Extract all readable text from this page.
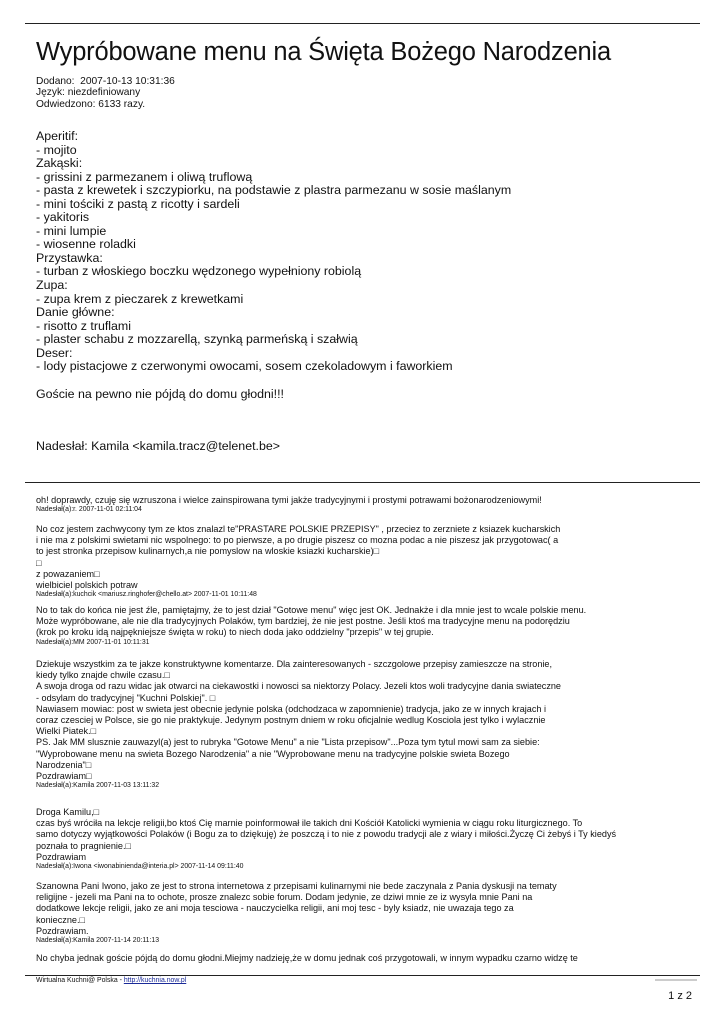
Wypróbowane menu na Święta Bożego Narodzenia
Dodano:  2007-10-13 10:31:36
Język: niezdefiniowany
Odwiedzono: 6133 razy.
Aperitif:
- mojito
Zakąski:
- grissini z parmezanem i oliwą truflową
- pasta z krewetek i szczypiorku, na podstawie z plastra parmezanu w sosie maślanym
- mini tościki z pastą z ricotty i sardeli
- yakitoris
- mini lumpie
- wiosenne roladki
Przystawka:
- turban z włoskiego boczku wędzonego wypełniony robiolą
Zupa:
- zupa krem z pieczarek z krewetkami
Danie główne:
- risotto z truflami
- plaster schabu z mozzarellą, szynką parmeńską i szałwią
Deser:
- lody pistacjowe z czerwonymi owocami, sosem czekoladowym i faworkiem
Goście na pewno nie pójdą do domu głodni!!!
Nadesłał: Kamila <kamila.tracz@telenet.be>
oh! doprawdy, czuję się wzruszona i wielce zainspirowana tymi jakże tradycyjnymi i prostymi potrawami bożonarodzeniowymi!
Nadesłał(a):r. 2007-11-01 02:11:04
No coz jestem zachwycony tym ze ktos znalazl te"PRASTARE POLSKIE PRZEPISY" , przeciez to zerzniete z ksiazek kucharskich
i nie ma z polskimi swietami nic wspolnego: to po pierwsze, a po drugie piszesz co mozna podac a nie piszesz jak przygotowac( a
to jest stronka przepisow kulinarnych,a nie pomyslow na wloskie ksiazki kucharskie)□
□
z powazaniem□
wielbiciel polskich potraw
Nadesłał(a):kuchcik <mariusz.ringhofer@chello.at> 2007-11-01 10:11:48
No to tak do końca nie jest źle, pamiętajmy, że to jest dział "Gotowe menu" więc jest OK. Jednakże i dla mnie jest to wcale polskie menu.
Może wypróbowane, ale nie dla tradycyjnych Polaków, tym bardziej, że nie jest postne. Jeśli ktoś ma tradycyjne menu na podorędziu
(krok po kroku idą najpękniejsze święta w roku) to niech doda jako oddzielny "przepis" w tej grupie.
Nadesłał(a):MM 2007-11-01 10:11:31
Dziekuje wszystkim za te jakze konstruktywne komentarze. Dla zainteresowanych - szczgolowe przepisy zamieszcze na stronie,
kiedy tylko znajde chwile czasu.□
A swoja droga od razu widac jak otwarci na ciekawostki i nowosci sa niektorzy Polacy. Jezeli ktos woli tradycyjne dania swiateczne
- odsylam do tradycyjnej "Kuchni Polskiej". □
Nawiasem mowiac: post w swieta jest obecnie jedynie polska (odchodzaca w zapomnienie) tradycja, jako ze w innych krajach i
coraz czesciej w Polsce, sie go nie praktykuje. Jedynym postnym dniem w roku oficjalnie wedlug Kosciola jest tylko i wylacznie
Wielki Piatek.□
PS. Jak MM slusznie zauwazyl(a) jest to rubryka "Gotowe Menu" a nie "Lista przepisow"...Poza tym tytul mowi sam za siebie:
"Wyprobowane menu na swieta Bozego Narodzenia" a nie "Wyprobowane menu na tradycyjne polskie swieta Bozego
Narodzenia"□
Pozdrawiam□
Nadesłał(a):Kamila 2007-11-03 13:11:32
Droga Kamilu,□
czas byś wróciła na lekcje religii,bo ktoś Cię marnie poinformował ile takich dni Kościół Katolicki wymienia w ciągu roku liturgicznego. To
samo dotyczy wyjątkowości Polaków (i Bogu za to dziękuję) że poszczą i to nie z powodu tradycji ale z wiary i miłości.Życzę Ci żebyś i Ty kiedyś
poznała to pragnienie.□
Pozdrawiam
Nadesłał(a):Iwona <iwonabinienda@interia.pl> 2007-11-14 09:11:40
Szanowna Pani Iwono, jako ze jest to strona internetowa z przepisami kulinarnymi nie bede zaczynala z Pania dyskusji na tematy
religijne - jezeli ma Pani na to ochote, prosze znalezc sobie forum. Dodam jedynie, ze dziwi mnie ze iz wysyla mnie Pani na
dodatkowe lekcje religii, jako ze ani moja tesciowa - nauczycielka religii, ani moj tesc - byly ksiadz, nie uwazaja tego za
konieczne.□
Pozdrawiam.
Nadesłał(a):Kamila 2007-11-14 20:11:13
No chyba jednak goście pójdą do domu głodni.Miejmy nadzieję,że w domu jednak coś przygotowali, w innym wypadku czarno widzę te
Wirtualna Kuchni@ Polska - http://kuchnia.now.pl
1 z 2
